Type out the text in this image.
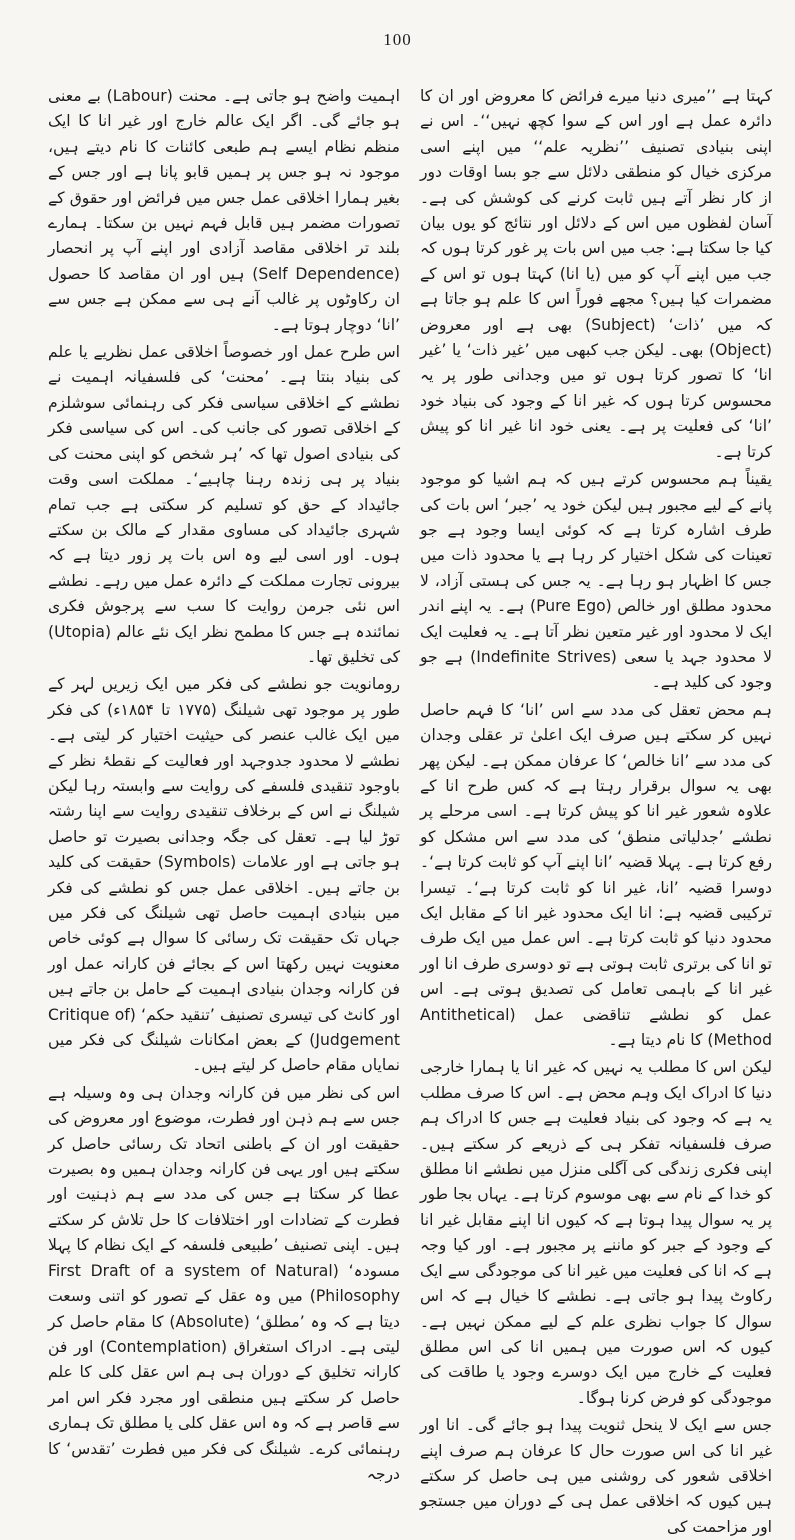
100

کہتا ہے ’’میری دنیا میرے فرائض کا معروض اور ان کا دائرہ عمل ہے اور اس کے سوا کچھ نہیں‘‘۔ اس نے اپنی بنیادی تصنیف ’’نظریہ علم‘‘ میں اپنے اسی مرکزی خیال کو منطقی دلائل سے جو بسا اوقات دور از کار نظر آتے ہیں ثابت کرنے کی کوشش کی ہے۔ آسان لفظوں میں اس کے دلائل اور نتائج کو یوں بیان کیا جا سکتا ہے: جب میں اس بات پر غور کرتا ہوں کہ جب میں اپنے آپ کو میں (یا انا) کہتا ہوں تو اس کے مضمرات کیا ہیں؟ مجھے فوراً اس کا علم ہو جاتا ہے کہ میں ’ذات‘ (Subject) بھی ہے اور معروض (Object) بھی۔ لیکن جب کبھی میں ’غیر ذات‘ یا ’غیر انا‘ کا تصور کرتا ہوں تو میں وجدانی طور پر یہ محسوس کرتا ہوں کہ غیر انا کے وجود کی بنیاد خود ’انا‘ کی فعلیت پر ہے۔ یعنی خود انا غیر انا کو پیش کرتا ہے۔

یقیناً ہم محسوس کرتے ہیں کہ ہم اشیا کو موجود پانے کے لیے مجبور ہیں لیکن خود یہ ’جبر‘ اس بات کی طرف اشارہ کرتا ہے کہ کوئی ایسا وجود ہے جو تعینات کی شکل اختیار کر رہا ہے یا محدود ذات میں جس کا اظہار ہو رہا ہے۔ یہ جس کی ہستی آزاد، لا محدود مطلق اور خالص (Pure Ego) ہے۔ یہ اپنے اندر ایک لا محدود اور غیر متعین نظر آتا ہے۔ یہ فعلیت ایک لا محدود جہد یا سعی (Indefinite Strives) ہے جو وجود کی کلید ہے۔

ہم محض تعقل کی مدد سے اس ’انا‘ کا فہم حاصل نہیں کر سکتے ہیں صرف ایک اعلیٰ تر عقلی وجدان کی مدد سے ’انا خالص‘ کا عرفان ممکن ہے۔ لیکن پھر بھی یہ سوال برقرار رہتا ہے کہ کس طرح انا کے علاوہ شعور غیر انا کو پیش کرتا ہے۔ اسی مرحلے پر نطشے ’جدلیاتی منطق‘ کی مدد سے اس مشکل کو رفع کرتا ہے۔ پہلا قضیہ ’انا اپنے آپ کو ثابت کرتا ہے‘۔ دوسرا قضیہ ’انا، غیر انا کو ثابت کرتا ہے‘۔ تیسرا ترکیبی قضیہ ہے: انا ایک محدود غیر انا کے مقابل ایک محدود دنیا کو ثابت کرتا ہے۔ اس عمل میں ایک طرف تو انا کی برتری ثابت ہوتی ہے تو دوسری طرف انا اور غیر انا کے باہمی تعامل کی تصدیق ہوتی ہے۔ اس عمل کو نطشے تناقضی عمل (Antithetical Method) کا نام دیتا ہے۔

لیکن اس کا مطلب یہ نہیں کہ غیر انا یا ہمارا خارجی دنیا کا ادراک ایک وہم محض ہے۔ اس کا صرف مطلب یہ ہے کہ وجود کی بنیاد فعلیت ہے جس کا ادراک ہم صرف فلسفیانہ تفکر ہی کے ذریعے کر سکتے ہیں۔ اپنی فکری زندگی کی آگلی منزل میں نطشے انا مطلق کو خدا کے نام سے بھی موسوم کرتا ہے۔ یہاں بجا طور پر یہ سوال پیدا ہوتا ہے کہ کیوں انا اپنے مقابل غیر انا کے وجود کے جبر کو ماننے پر مجبور ہے۔ اور کیا وجہ ہے کہ انا کی فعلیت میں غیر انا کی موجودگی سے ایک رکاوٹ پیدا ہو جاتی ہے۔ نطشے کا خیال ہے کہ اس سوال کا جواب نظری علم کے لیے ممکن نہیں ہے۔ کیوں کہ اس صورت میں ہمیں انا کی اس مطلق فعلیت کے خارج میں ایک دوسرے وجود یا طاقت کی موجودگی کو فرض کرنا ہوگا۔

جس سے ایک لا ینحل ثنویت پیدا ہو جائے گی۔ انا اور غیر انا کی اس صورت حال کا عرفان ہم صرف اپنے اخلاقی شعور کی روشنی میں ہی حاصل کر سکتے ہیں کیوں کہ اخلاقی عمل ہی کے دوران میں جستجو اور مزاحمت کی

اہمیت واضح ہو جاتی ہے۔ محنت (Labour) بے معنی ہو جائے گی۔ اگر ایک عالم خارج اور غیر انا کا ایک منظم نظام ایسے ہم طبعی کائنات کا نام دیتے ہیں، موجود نہ ہو جس پر ہمیں قابو پانا ہے اور جس کے بغیر ہمارا اخلاقی عمل جس میں فرائض اور حقوق کے تصورات مضمر ہیں قابل فہم نہیں بن سکتا۔ ہمارے بلند تر اخلاقی مقاصد آزادی اور اپنے آپ پر انحصار (Self Dependence) ہیں اور ان مقاصد کا حصول ان رکاوٹوں پر غالب آنے ہی سے ممکن ہے جس سے ’انا‘ دوچار ہوتا ہے۔

اس طرح عمل اور خصوصاً اخلاقی عمل نظریے یا علم کی بنیاد بنتا ہے۔ ’محنت‘ کی فلسفیانہ اہمیت نے نطشے کے اخلاقی سیاسی فکر کی رہنمائی سوشلزم کے اخلاقی تصور کی جانب کی۔ اس کی سیاسی فکر کی بنیادی اصول تھا کہ ’ہر شخص کو اپنی محنت کی بنیاد پر ہی زندہ رہنا چاہیے‘۔ مملکت اسی وقت جائیداد کے حق کو تسلیم کر سکتی ہے جب تمام شہری جائیداد کی مساوی مقدار کے مالک بن سکتے ہوں۔ اور اسی لیے وہ اس بات پر زور دیتا ہے کہ بیرونی تجارت مملکت کے دائرہ عمل میں رہے۔ نطشے اس نئی جرمن روایت کا سب سے پرجوش فکری نمائندہ ہے جس کا مطمح نظر ایک نئے عالم (Utopia) کی تخلیق تھا۔

رومانویت جو نطشے کی فکر میں ایک زیریں لہر کے طور پر موجود تھی شیلنگ (۱۷۷۵ تا ۱۸۵۴ء) کی فکر میں ایک غالب عنصر کی حیثیت اختیار کر لیتی ہے۔ نطشے لا محدود جدوجہد اور فعالیت کے نقطۂ نظر کے باوجود تنقیدی فلسفے کی روایت سے وابستہ رہا لیکن شیلنگ نے اس کے برخلاف تنقیدی روایت سے اپنا رشتہ توڑ لیا ہے۔ تعقل کی جگہ وجدانی بصیرت تو حاصل ہو جاتی ہے اور علامات (Symbols) حقیقت کی کلید بن جاتے ہیں۔ اخلاقی عمل جس کو نطشے کی فکر میں بنیادی اہمیت حاصل تھی شیلنگ کی فکر میں جہاں تک حقیقت تک رسائی کا سوال ہے کوئی خاص معنویت نہیں رکھتا اس کے بجائے فن کارانہ عمل اور فن کارانہ وجدان بنیادی اہمیت کے حامل بن جاتے ہیں اور کانٹ کی تیسری تصنیف ’تنقید حکم‘ (Critique of Judgement) کے بعض امکانات شیلنگ کی فکر میں نمایاں مقام حاصل کر لیتے ہیں۔

اس کی نظر میں فن کارانہ وجدان ہی وہ وسیلہ ہے جس سے ہم ذہن اور فطرت، موضوع اور معروض کی حقیقت اور ان کے باطنی اتحاد تک رسائی حاصل کر سکتے ہیں اور یہی فن کارانہ وجدان ہمیں وہ بصیرت عطا کر سکتا ہے جس کی مدد سے ہم ذہنیت اور فطرت کے تضادات اور اختلافات کا حل تلاش کر سکتے ہیں۔ اپنی تصنیف ’طبیعی فلسفہ کے ایک نظام کا پہلا مسودہ‘ (First Draft of a system of Natural Philosophy) میں وہ عقل کے تصور کو اتنی وسعت دیتا ہے کہ وہ ’مطلق‘ (Absolute) کا مقام حاصل کر لیتی ہے۔ ادراک استغراق (Contemplation) اور فن کارانہ تخلیق کے دوران ہی ہم اس عقل کلی کا علم حاصل کر سکتے ہیں منطقی اور مجرد فکر اس امر سے قاصر ہے کہ وہ اس عقل کلی یا مطلق تک ہماری رہنمائی کرے۔ شیلنگ کی فکر میں فطرت ’تقدس‘ کا درجہ
